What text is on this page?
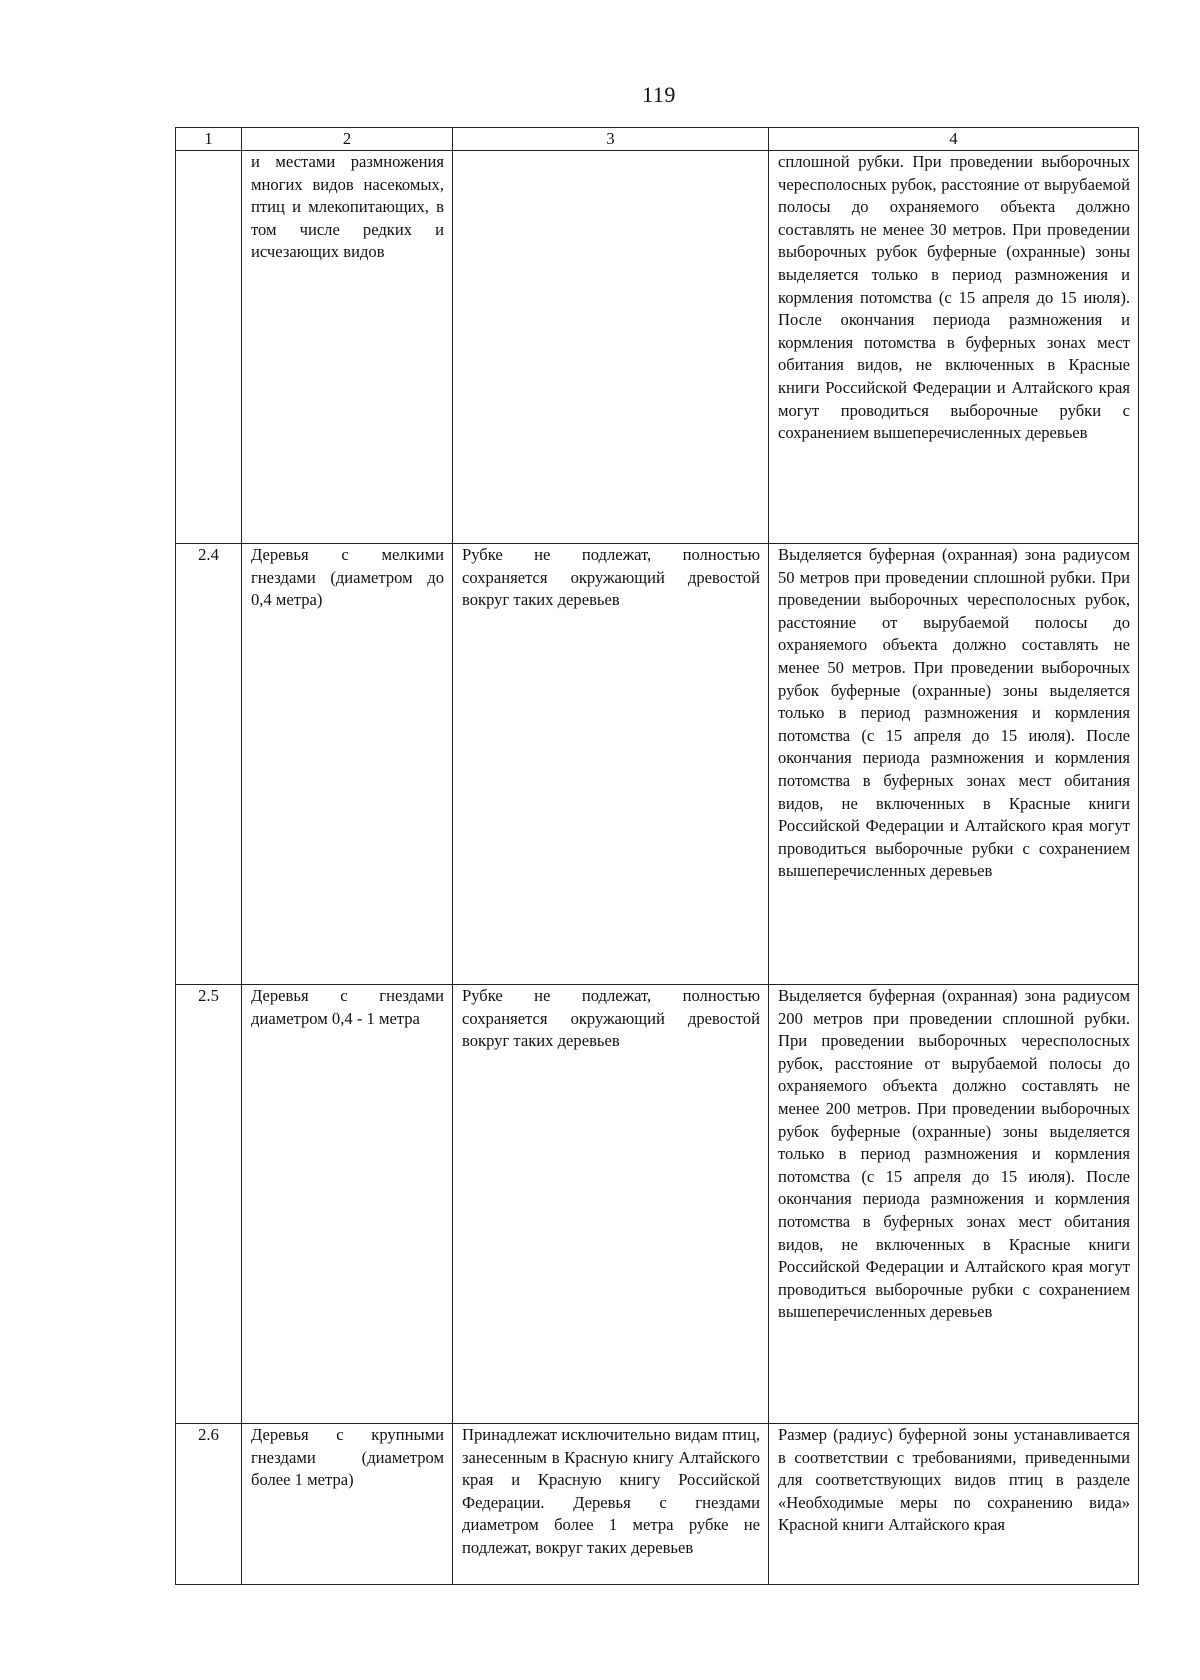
119
1	2	3	4

	и местами размножения многих видов насекомых, птиц и млекопитающих, в том числе редких и исчезающих видов		сплошной рубки. При проведении выборочных чересполосных рубок, расстояние от вырубаемой полосы до охраняемого объекта должно составлять не менее 30 метров. При проведении выборочных рубок буферные (охранные) зоны выделяется только в период размножения и кормления потомства (с 15 апреля до 15 июля). После окончания периода размножения и кормления потомства в буферных зонах мест обитания видов, не включенных в Красные книги Российской Федерации и Алтайского края могут проводиться выборочные рубки с сохранением вышеперечисленных деревьев

2.4	Деревья с мелкими гнездами (диаметром до 0,4 метра)	Рубке не подлежат, полностью сохраняется окружающий древостой вокруг таких деревьев	Выделяется буферная (охранная) зона радиусом 50 метров при проведении сплошной рубки. При проведении выборочных чересполосных рубок, расстояние от вырубаемой полосы до охраняемого объекта должно составлять не менее 50 метров. При проведении выборочных рубок буферные (охранные) зоны выделяется только в период размножения и кормления потомства (с 15 апреля до 15 июля). После окончания периода размножения и кормления потомства в буферных зонах мест обитания видов, не включенных в Красные книги Российской Федерации и Алтайского края могут проводиться выборочные рубки с сохранением вышеперечисленных деревьев

2.5	Деревья с гнездами диаметром 0,4 - 1 метра	Рубке не подлежат, полностью сохраняется окружающий древостой вокруг таких деревьев	Выделяется буферная (охранная) зона радиусом 200 метров при проведении сплошной рубки. При проведении выборочных чересполосных рубок, расстояние от вырубаемой полосы до охраняемого объекта должно составлять не менее 200 метров. При проведении выборочных рубок буферные (охранные) зоны выделяется только в период размножения и кормления потомства (с 15 апреля до 15 июля). После окончания периода размножения и кормления потомства в буферных зонах мест обитания видов, не включенных в Красные книги Российской Федерации и Алтайского края могут проводиться выборочные рубки с сохранением вышеперечисленных деревьев

2.6	Деревья с крупными гнездами (диаметром более 1 метра)	Принадлежат исключительно видам птиц, занесенным в Красную книгу Алтайского края и Красную книгу Российской Федерации. Деревья с гнездами диаметром более 1 метра рубке не подлежат, вокруг таких деревьев	Размер (радиус) буферной зоны устанавливается в соответствии с требованиями, приведенными для соответствующих видов птиц в разделе «Необходимые меры по сохранению вида» Красной книги Алтайского края
